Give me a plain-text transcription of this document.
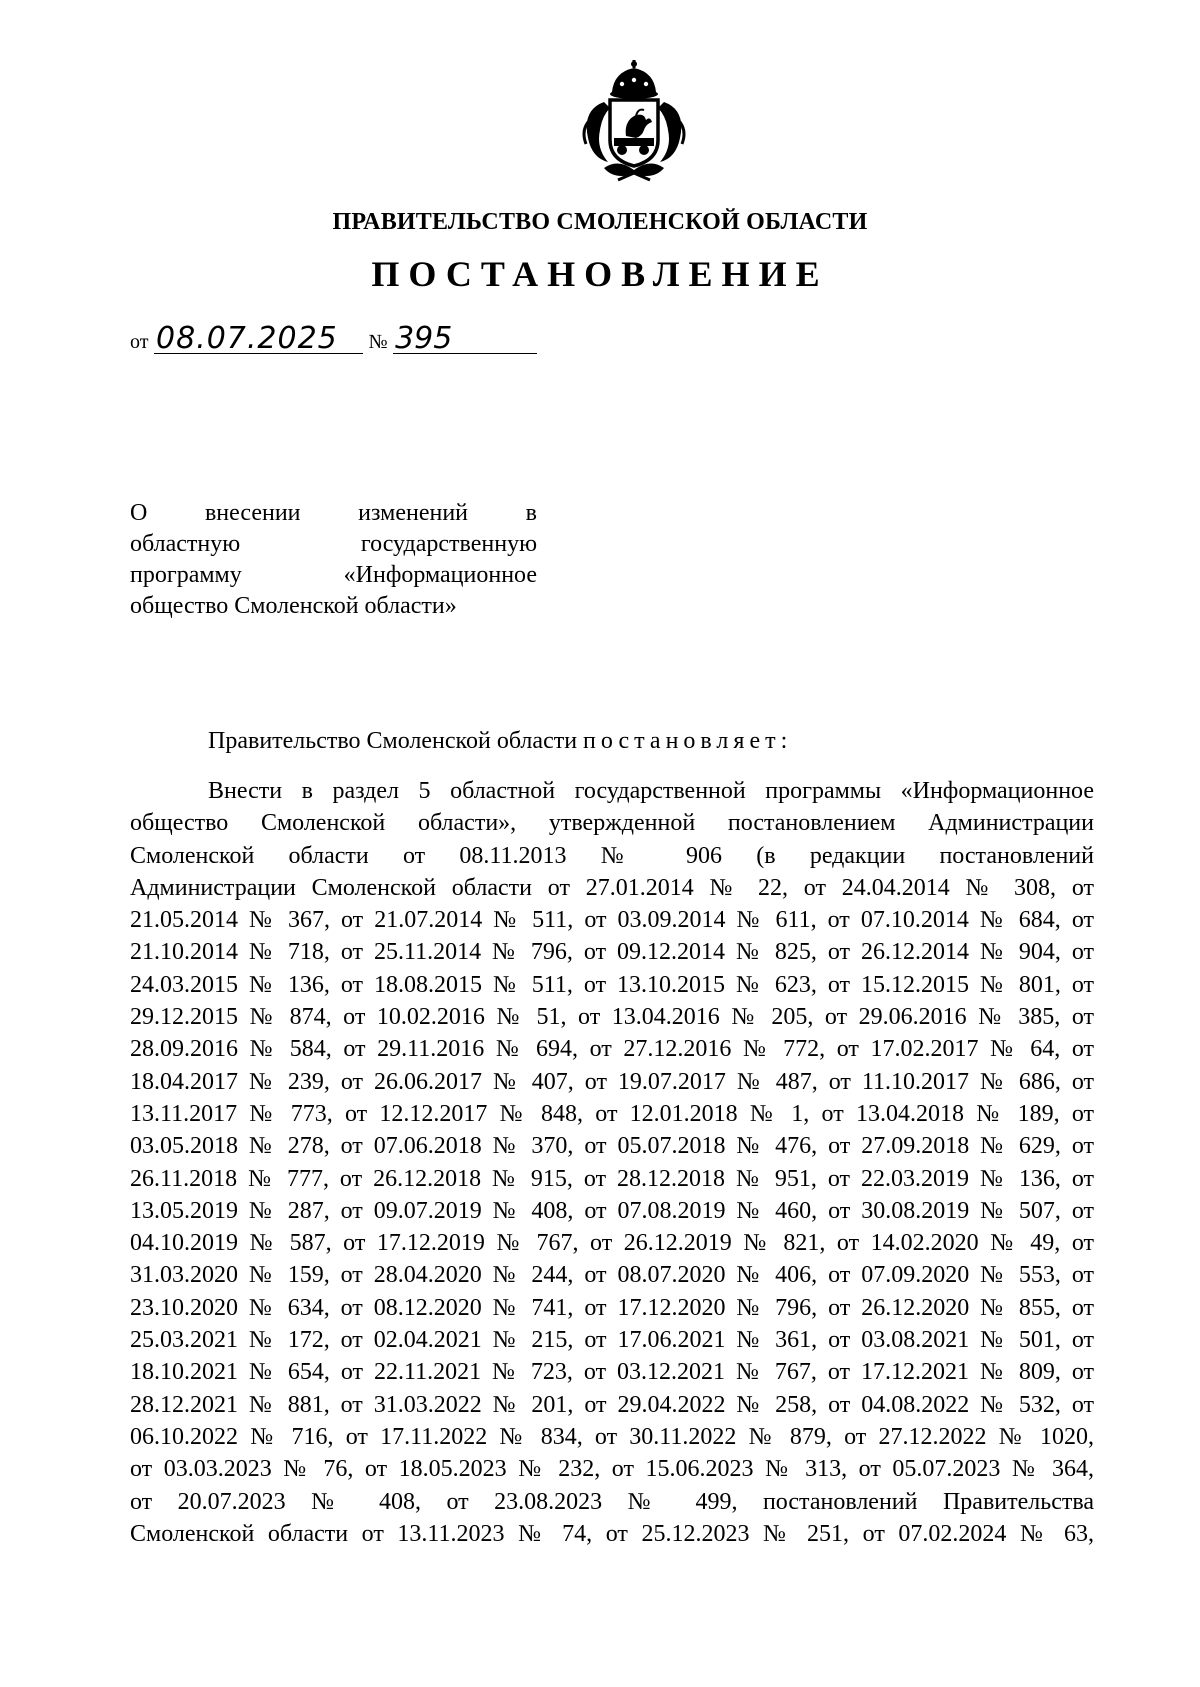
ПРАВИТЕЛЬСТВО СМОЛЕНСКОЙ ОБЛАСТИ
ПОСТАНОВЛЕНИЕ
от 08.07.2025 № 395
О внесении изменений в
областную государственную
программу «Информационное
общество Смоленской области»
Правительство Смоленской области постановляет:
Внести в раздел 5 областной государственной программы «Информационное
общество Смоленской области», утвержденной постановлением Администрации
Смоленской области от 08.11.2013 № 906 (в редакции постановлений
Администрации Смоленской области от 27.01.2014 № 22, от 24.04.2014 № 308, от
21.05.2014 № 367, от 21.07.2014 № 511, от 03.09.2014 № 611, от 07.10.2014 № 684, от
21.10.2014 № 718, от 25.11.2014 № 796, от 09.12.2014 № 825, от 26.12.2014 № 904, от
24.03.2015 № 136, от 18.08.2015 № 511, от 13.10.2015 № 623, от 15.12.2015 № 801, от
29.12.2015 № 874, от 10.02.2016 № 51, от 13.04.2016 № 205, от 29.06.2016 № 385, от
28.09.2016 № 584, от 29.11.2016 № 694, от 27.12.2016 № 772, от 17.02.2017 № 64, от
18.04.2017 № 239, от 26.06.2017 № 407, от 19.07.2017 № 487, от 11.10.2017 № 686, от
13.11.2017 № 773, от 12.12.2017 № 848, от 12.01.2018 № 1, от 13.04.2018 № 189, от
03.05.2018 № 278, от 07.06.2018 № 370, от 05.07.2018 № 476, от 27.09.2018 № 629, от
26.11.2018 № 777, от 26.12.2018 № 915, от 28.12.2018 № 951, от 22.03.2019 № 136, от
13.05.2019 № 287, от 09.07.2019 № 408, от 07.08.2019 № 460, от 30.08.2019 № 507, от
04.10.2019 № 587, от 17.12.2019 № 767, от 26.12.2019 № 821, от 14.02.2020 № 49, от
31.03.2020 № 159, от 28.04.2020 № 244, от 08.07.2020 № 406, от 07.09.2020 № 553, от
23.10.2020 № 634, от 08.12.2020 № 741, от 17.12.2020 № 796, от 26.12.2020 № 855, от
25.03.2021 № 172, от 02.04.2021 № 215, от 17.06.2021 № 361, от 03.08.2021 № 501, от
18.10.2021 № 654, от 22.11.2021 № 723, от 03.12.2021 № 767, от 17.12.2021 № 809, от
28.12.2021 № 881, от 31.03.2022 № 201, от 29.04.2022 № 258, от 04.08.2022 № 532, от
06.10.2022 № 716, от 17.11.2022 № 834, от 30.11.2022 № 879, от 27.12.2022 № 1020,
от 03.03.2023 № 76, от 18.05.2023 № 232, от 15.06.2023 № 313, от 05.07.2023 № 364,
от 20.07.2023 № 408, от 23.08.2023 № 499, постановлений Правительства
Смоленской области от 13.11.2023 № 74, от 25.12.2023 № 251, от 07.02.2024 № 63,
